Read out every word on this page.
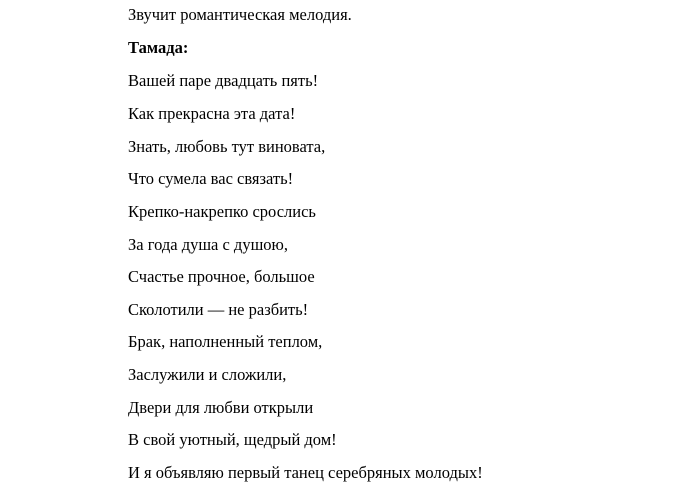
Звучит романтическая мелодия.

Тамада:

Вашей паре двадцать пять!

Как прекрасна эта дата!

Знать, любовь тут виновата,

Что сумела вас связать!

Крепко-накрепко срослись

За года душа с душою,

Счастье прочное, большое

Сколотили — не разбить!

Брак, наполненный теплом,

Заслужили и сложили,

Двери для любви открыли

В свой уютный, щедрый дом!

И я объявляю первый танец серебряных молодых!
